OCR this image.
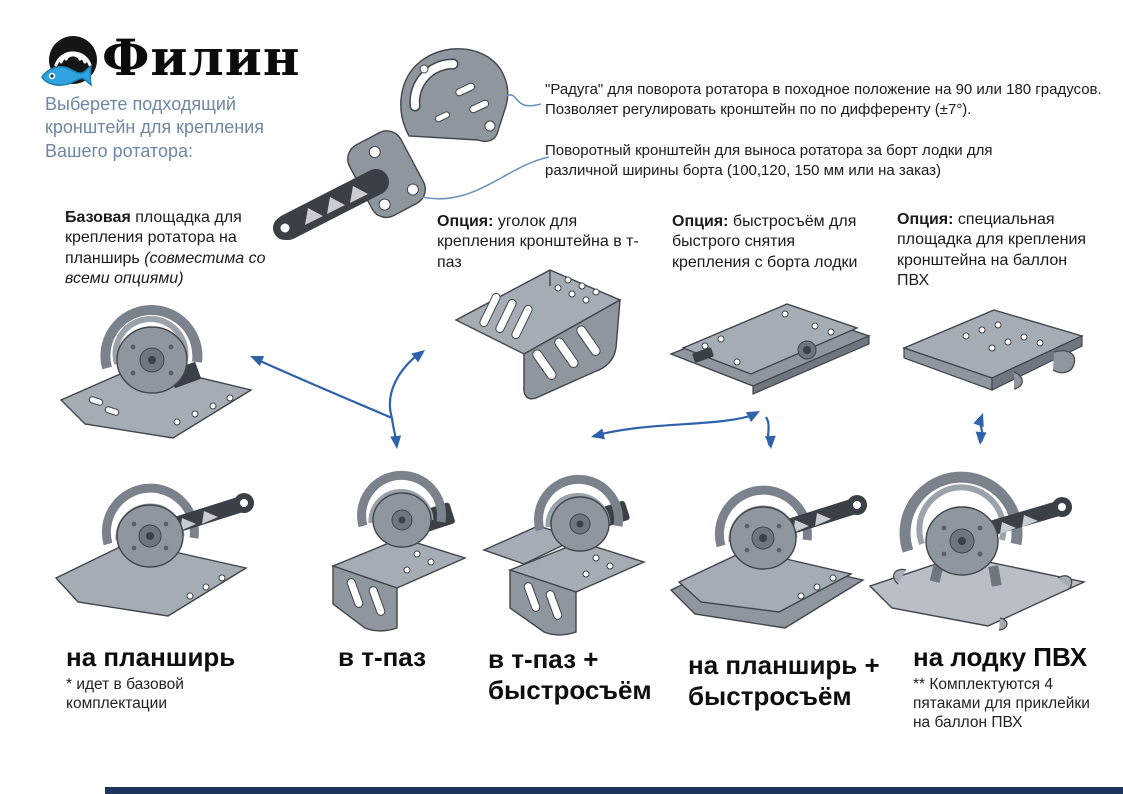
Филин
Выберете подходящий кронштейн для крепления Вашего ротатора:
"Радуга" для поворота ротатора в походное положение на 90 или 180 градусов. Позволяет регулировать кронштейн по по дифференту (±7°).
Поворотный кронштейн для выноса ротатора за борт лодки для различной ширины борта (100,120, 150 мм или на заказ)

Базовая площадка для крепления ротатора на планширь (совместима со всеми опциями)

Опция: уголок для крепления кронштейна в т-паз

Опция: быстросъём для быстрого снятия крепления с борта лодки

Опция: специальная площадка для крепления кронштейна на баллон ПВХ

на планширь
* идет в базовой комплектации
в т-паз	в т-паз + быстросъём
на планширь + быстросъём
на лодку ПВХ
** Комплектуются 4 пятаками для приклейки на баллон ПВХ
